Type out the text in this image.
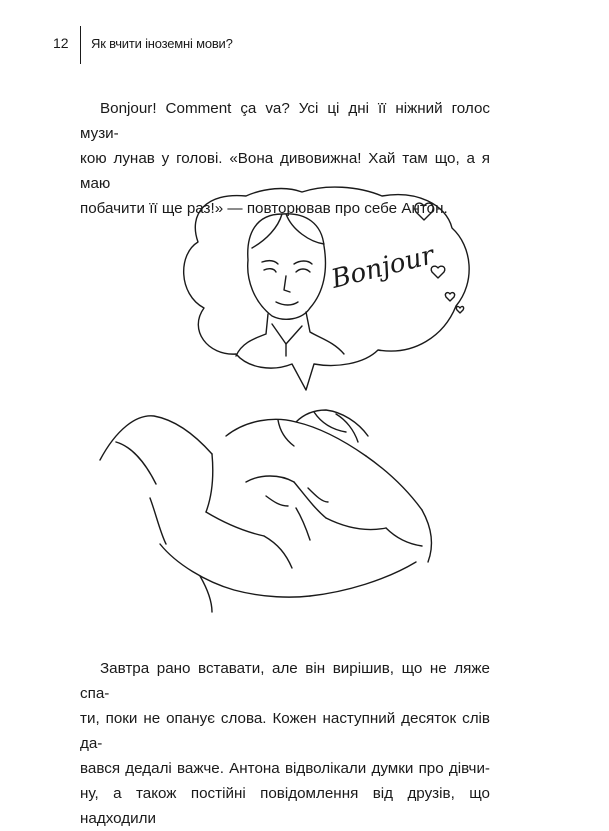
12 Як вчити іноземні мови?
Bonjour! Comment ça va? Усі ці дні її ніжний голос музи-
кою лунав у голові. «Вона дивовижна! Хай там що, а я маю
побачити її ще раз!» — повторював про себе Антон.
Bonjour
Завтра рано вставати, але він вирішив, що не ляже спа-
ти, поки не опанує слова. Кожен наступний десяток слів да-
вався дедалі важче. Антона відволікали думки про дівчи-
ну, а також постійні повідомлення від друзів, що надходили
